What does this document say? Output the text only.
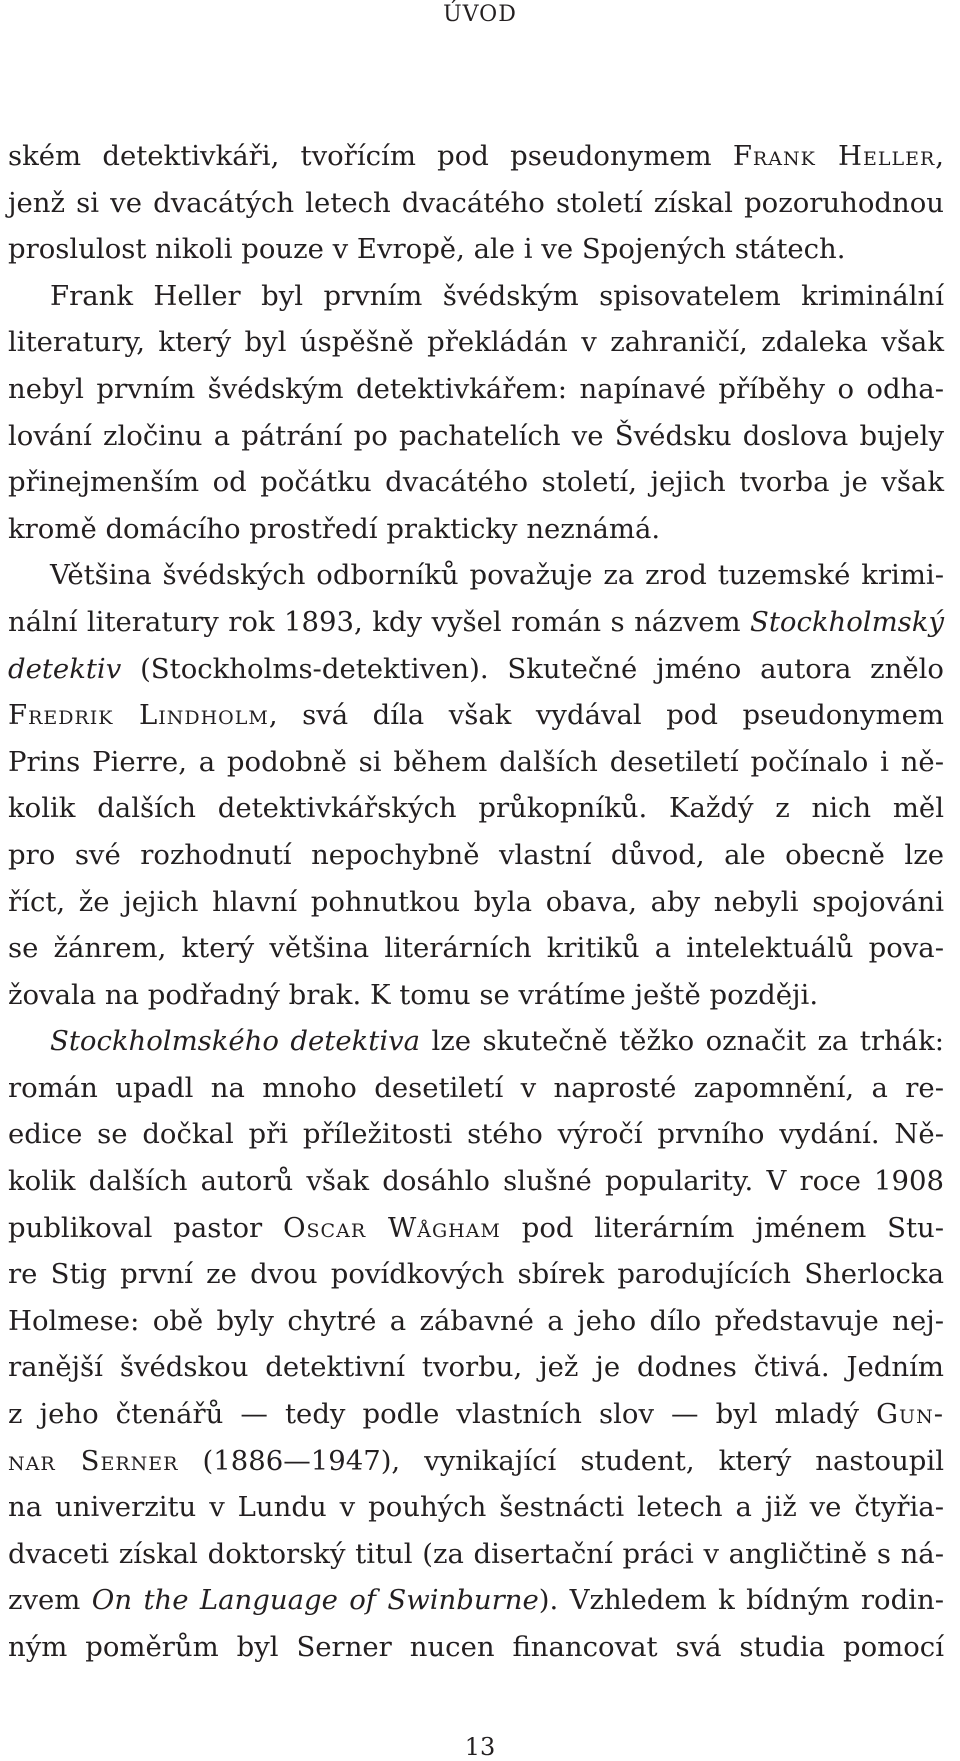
ÚVOD
ském detektivkáři, tvořícím pod pseudonymem Frank Heller,
jenž si ve dvacátých letech dvacátého století získal pozoruhodnou
proslulost nikoli pouze v Evropě, ale i ve Spojených státech.
Frank Heller byl prvním švédským spisovatelem kriminální
literatury, který byl úspěšně překládán v zahraničí, zdaleka však
nebyl prvním švédským detektivkářem: napínavé příběhy o odha-
lování zločinu a pátrání po pachatelích ve Švédsku doslova bujely
přinejmenším od počátku dvacátého století, jejich tvorba je však
kromě domácího prostředí prakticky neznámá.
Většina švédských odborníků považuje za zrod tuzemské krimi-
nální literatury rok 1893, kdy vyšel román s názvem Stockholmský
detektiv (Stockholms-detektiven). Skutečné jméno autora znělo
Fredrik Lindholm, svá díla však vydával pod pseudonymem
Prins Pierre, a podobně si během dalších desetiletí počínalo i ně-
kolik dalších detektivkářských průkopníků. Každý z nich měl
pro své rozhodnutí nepochybně vlastní důvod, ale obecně lze
říct, že jejich hlavní pohnutkou byla obava, aby nebyli spojováni
se žánrem, který většina literárních kritiků a intelektuálů pova-
žovala na podřadný brak. K tomu se vrátíme ještě později.
Stockholmského detektiva lze skutečně těžko označit za trhák:
román upadl na mnoho desetiletí v naprosté zapomnění, a re-
edice se dočkal při příležitosti stého výročí prvního vydání. Ně-
kolik dalších autorů však dosáhlo slušné popularity. V roce 1908
publikoval pastor Oscar Wågham pod literárním jménem Stu-
re Stig první ze dvou povídkových sbírek parodujících Sherlocka
Holmese: obě byly chytré a zábavné a jeho dílo představuje nej-
ranější švédskou detektivní tvorbu, jež je dodnes čtivá. Jedním
z jeho čtenářů — tedy podle vlastních slov — byl mladý Gun-
nar Serner (1886—1947), vynikající student, který nastoupil
na univerzitu v Lundu v pouhých šestnácti letech a již ve čtyřia-
dvaceti získal doktorský titul (za disertační práci v angličtině s ná-
zvem On the Language of Swinburne). Vzhledem k bídným rodin-
ným poměrům byl Serner nucen financovat svá studia pomocí
13
